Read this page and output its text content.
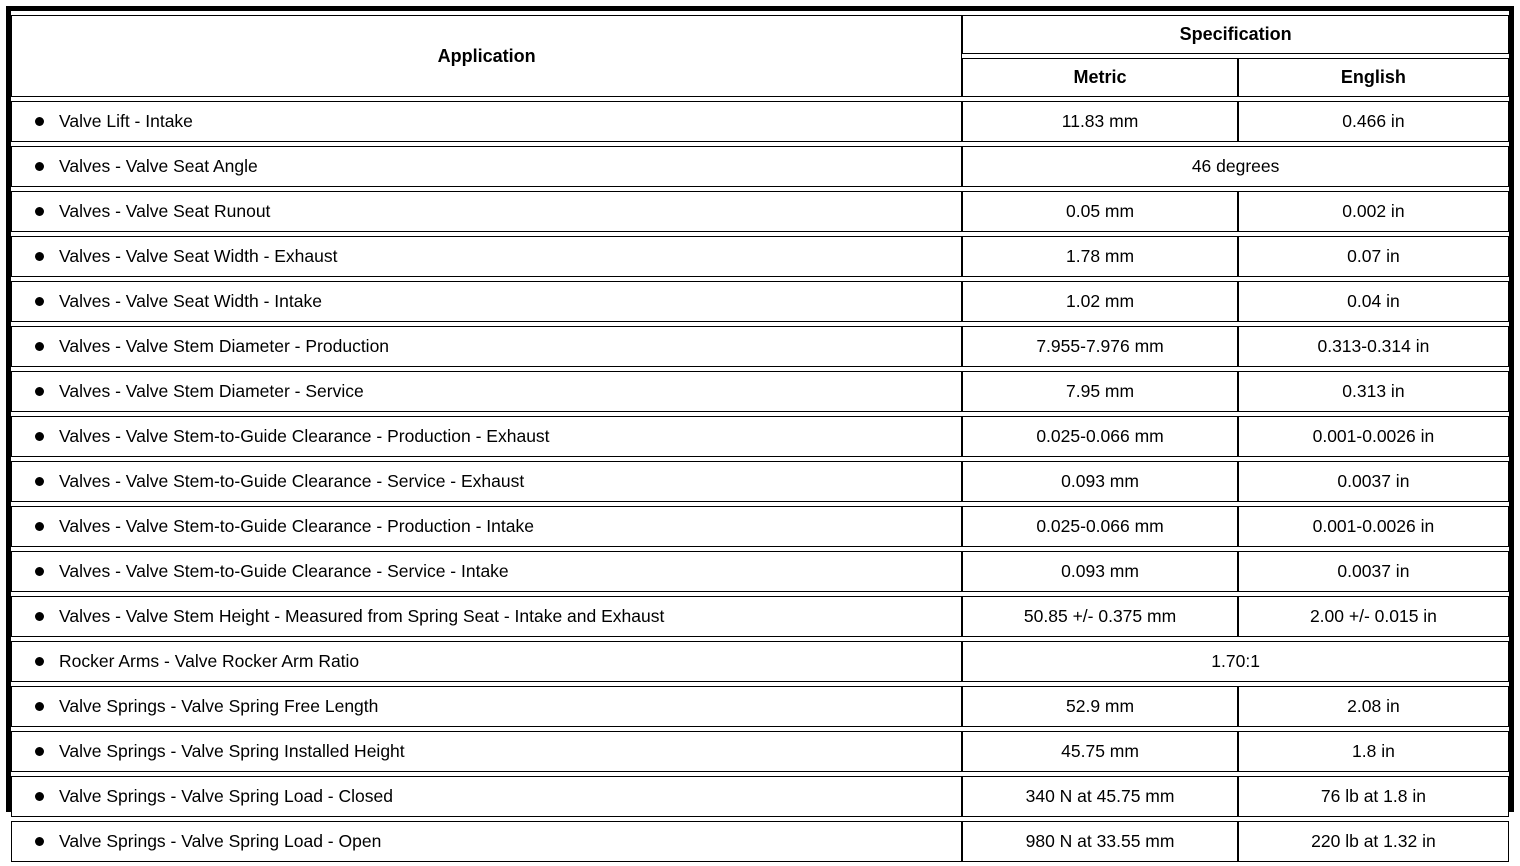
Application	Specification	
	Metric	English
Valve Lift - Intake	11.83 mm	0.466 in
Valves - Valve Seat Angle	46 degrees	
Valves - Valve Seat Runout	0.05 mm	0.002 in
Valves - Valve Seat Width - Exhaust	1.78 mm	0.07 in
Valves - Valve Seat Width - Intake	1.02 mm	0.04 in
Valves - Valve Stem Diameter - Production	7.955-7.976 mm	0.313-0.314 in
Valves - Valve Stem Diameter - Service	7.95 mm	0.313 in
Valves - Valve Stem-to-Guide Clearance - Production - Exhaust	0.025-0.066 mm	0.001-0.0026 in
Valves - Valve Stem-to-Guide Clearance - Service - Exhaust	0.093 mm	0.0037 in
Valves - Valve Stem-to-Guide Clearance - Production - Intake	0.025-0.066 mm	0.001-0.0026 in
Valves - Valve Stem-to-Guide Clearance - Service - Intake	0.093 mm	0.0037 in
Valves - Valve Stem Height - Measured from Spring Seat - Intake and Exhaust	50.85 +/- 0.375 mm	2.00 +/- 0.015 in
Rocker Arms - Valve Rocker Arm Ratio	1.70:1	
Valve Springs - Valve Spring Free Length	52.9 mm	2.08 in
Valve Springs - Valve Spring Installed Height	45.75 mm	1.8 in
Valve Springs - Valve Spring Load - Closed	340 N at 45.75 mm	76 lb at 1.8 in
Valve Springs - Valve Spring Load - Open	980 N at 33.55 mm	220 lb at 1.32 in
